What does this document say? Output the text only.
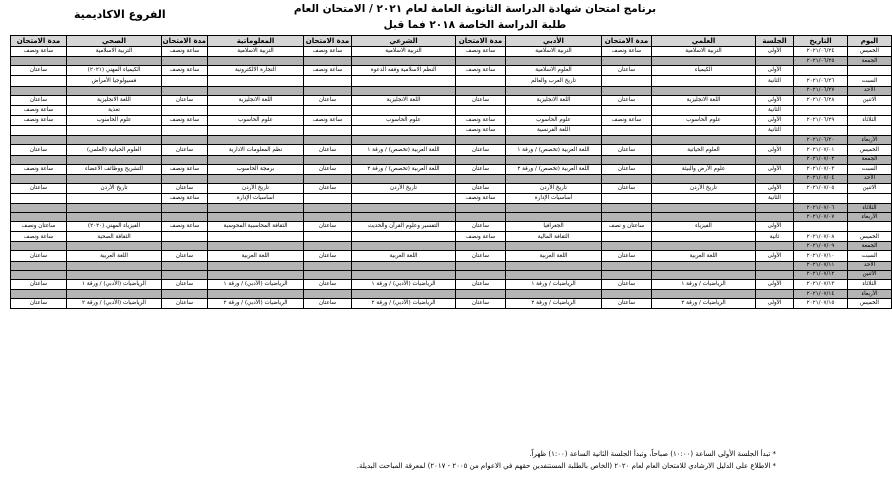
برنامج امتحان شهادة الدراسة الثانوية العامة لعام ٢٠٢١ / الامتحان العام
طلبة الدراسة الخاصة ٢٠١٨ فما قبل
الفروع الاكاديمية
اليوم	التاريخ	الجلسة	العلمي	مدة الامتحان	الأدبي	مدة الامتحان	الشرعي	مدة الامتحان	المعلوماتية	مدة الامتحان	الصحي	مدة الامتحان
الخميس	٢٠٢١/٠٦/٢٤	الأولى	التربية الاسلامية	ساعة ونصف	التربية الاسلامية	ساعة ونصف	التربية الاسلامية	ساعة ونصف	التربية الاسلامية	ساعة ونصف	التربية الاسلامية	ساعة ونصف
الجمعة	٢٠٢١/٠٦/٢٥											
		الأولى	الكيمياء	ساعتان	العلوم الاسلامية	ساعة ونصف	النظم الاسلامية وفقه الدعوة	ساعة ونصف	التجارة الالكترونية	ساعة ونصف	الكيمياء المهني (٢٠٢١)	ساعتان
السبت	٢٠٢١/٠٦/٢٦	الثانية			تاريخ العرب والعالم						فسيولوجيا الأمراض	
الأحد	٢٠٢١/٠٦/٢٧											
الاثنين	٢٠٢١/٠٦/٢٨	الأولى	اللغة الانجليزية	ساعتان	اللغة الانجليزية	ساعتان	اللغة الانجليزية	ساعتان	اللغة الانجليزية	ساعتان	اللغة الانجليزية	ساعتان
		الثانية									تغذية	ساعة ونصف
الثلاثاء	٢٠٢١/٠٦/٢٩	الأولى	علوم الحاسوب	ساعة ونصف	علوم الحاسوب	ساعة ونصف	علوم الحاسوب	ساعة ونصف	علوم الحاسوب	ساعة ونصف	علوم الحاسوب	ساعة ونصف
		الثانية			اللغة الفرنسية	ساعة ونصف						
الأربعاء	٢٠٢١/٠٦/٣٠											
الخميس	٢٠٢١/٠٧/٠١	الأولى	العلوم الحياتية	ساعتان	اللغة العربية (تخصص) / ورقة ١	ساعتان	اللغة العربية (تخصص) / ورقة ١	ساعتان	نظم المعلومات الادارية	ساعتان	العلوم الحياتية (العلمي)	ساعتان
الجمعة	٢٠٢١/٠٧/٠٢											
السبت	٢٠٢١/٠٧/٠٣	الأولى	علوم الأرض والبيئة	ساعتان	اللغة العربية (تخصص) / ورقة ٢	ساعتان	اللغة العربية (تخصص) / ورقة ٢	ساعتان	برمجة الحاسوب	ساعة ونصف	التشريح ووظائف الأعضاء	ساعة ونصف
الأحد	٢٠٢١/٠٧/٠٤											
الاثنين	٢٠٢١/٠٧/٠٥	الأولى	تاريخ الأردن	ساعتان	تاريخ الأردن	ساعتان	تاريخ الأردن	ساعتان	تاريخ الأردن	ساعتان	تاريخ الأردن	ساعتان
		الثانية			أساسيات الإدارة	ساعة ونصف			أساسيات الإدارة	ساعة ونصف		
الثلاثاء	٢٠٢١/٠٧/٠٦											
الأربعاء	٢٠٢١/٠٧/٠٧											
		الأولى	الفيزياء	ساعتان و نصف	الجغرافيا	ساعتان	التفسير وعلوم القرآن والحديث	ساعتان	الثقافة المحاسبية المحوسبة	ساعة ونصف	الفيزياء المهني (٢٠٢٠)	ساعتان ونصف
الخميس	٢٠٢١/٠٧/٠٨	ثانية			الثقافة المالية	ساعة ونصف					الثقافة الصحية	ساعة ونصف
الجمعة	٢٠٢١/٠٧/٠٩											
السبت	٢٠٢١/٠٧/١٠	الأولى	اللغة العربية	ساعتان	اللغة العربية	ساعتان	اللغة العربية	ساعتان	اللغة العربية	ساعتان	اللغة العربية	ساعتان
الأحد	٢٠٢١/٠٧/١١											
الاثنين	٢٠٢١/٠٧/١٢											
الثلاثاء	٢٠٢١/٠٧/١٣	الأولى	الرياضيات / ورقة ١	ساعتان	الرياضيات / ورقة ١	ساعتان	الرياضيات (الأدبي) / ورقة ١	ساعتان	الرياضيات (الأدبي) / ورقة ١	ساعتان	الرياضيات (الأدبي) / ورقة ١	ساعتان
الأربعاء	٢٠٢١/٠٧/١٤											
الخميس	٢٠٢١/٠٧/١٥	الأولى	الرياضيات / ورقة ٢	ساعتان	الرياضيات / ورقة ٢	ساعتان	الرياضيات (الأدبي) / ورقة ٢	ساعتان	الرياضيات (الأدبي) / ورقة ٢	ساعتان	الرياضيات (الأدبي) / ورقة ٢	ساعتان
* تبدأ الجلسة الأولى الساعة (١٠:٠٠) صباحاً، وتبدأ الجلسة الثانية الساعة (١:٠٠) ظهراً.
* الاطلاع على الدليل الارشادي للامتحان العام لعام ٢٠٢٠ (الخاص بالطلبة المستنفدين حقهم في الاعوام من ٢٠٠٥ - ٢٠١٧) لمعرفة المباحث البديلة.
